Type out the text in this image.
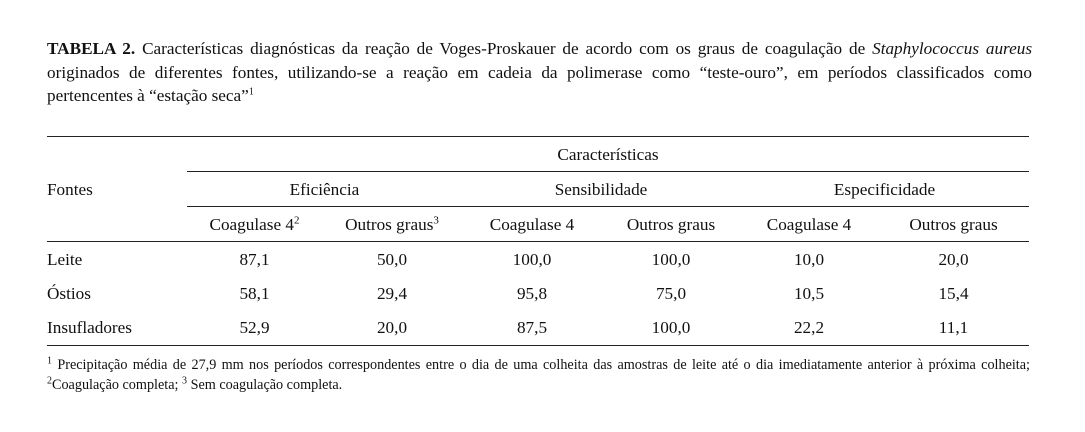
TABELA 2. Características diagnósticas da reação de Voges-Proskauer de acordo com os graus de coagulação de Staphylococcus aureus originados de diferentes fontes, utilizando-se a reação em cadeia da polimerase como “teste-ouro”, em períodos classificados como pertencentes à “estação seca”$^1$

Fontes
Características
Eficiência	Sensibilidade	Especificidade
Coagulase $4^2$	Outros graus$^3$	Coagulase 4	Outros graus	Coagulase 4	Outros graus
Leite	87,1	50,0	100,0	100,0	10,0	20,0
Óstios	58,1	29,4	95,8	75,0	10,5	15,4
Insufladores	52,9	20,0	87,5	100,0	22,2	11,1

$^1$ Precipitação média de 27,9 mm nos períodos correspondentes entre o dia de uma colheita das amostras de leite até o dia imediatamente anterior à próxima colheita; $^2$Coagulação completa; $^3$ Sem coagulação completa.
